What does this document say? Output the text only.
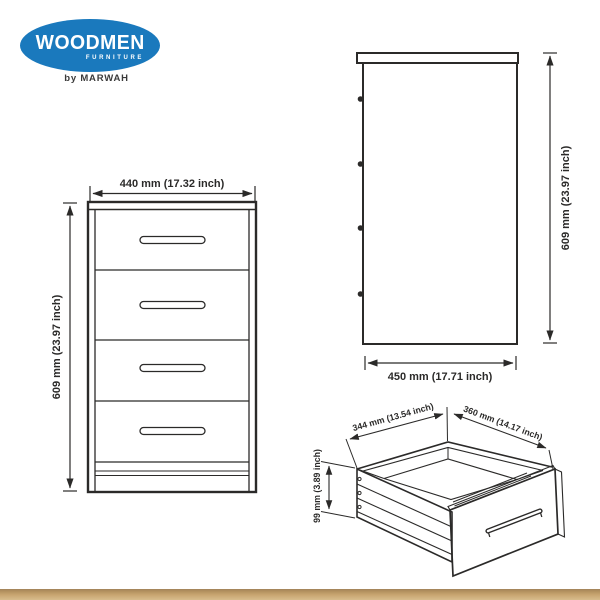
WOODMEN
FURNITURE
by MARWAH
440 mm (17.32 inch)
609 mm (23.97 inch)
609 mm (23.97 inch)
450 mm (17.71 inch)
344 mm (13.54 inch)	360 mm (14.17 inch)
99 mm (3.89 inch)
